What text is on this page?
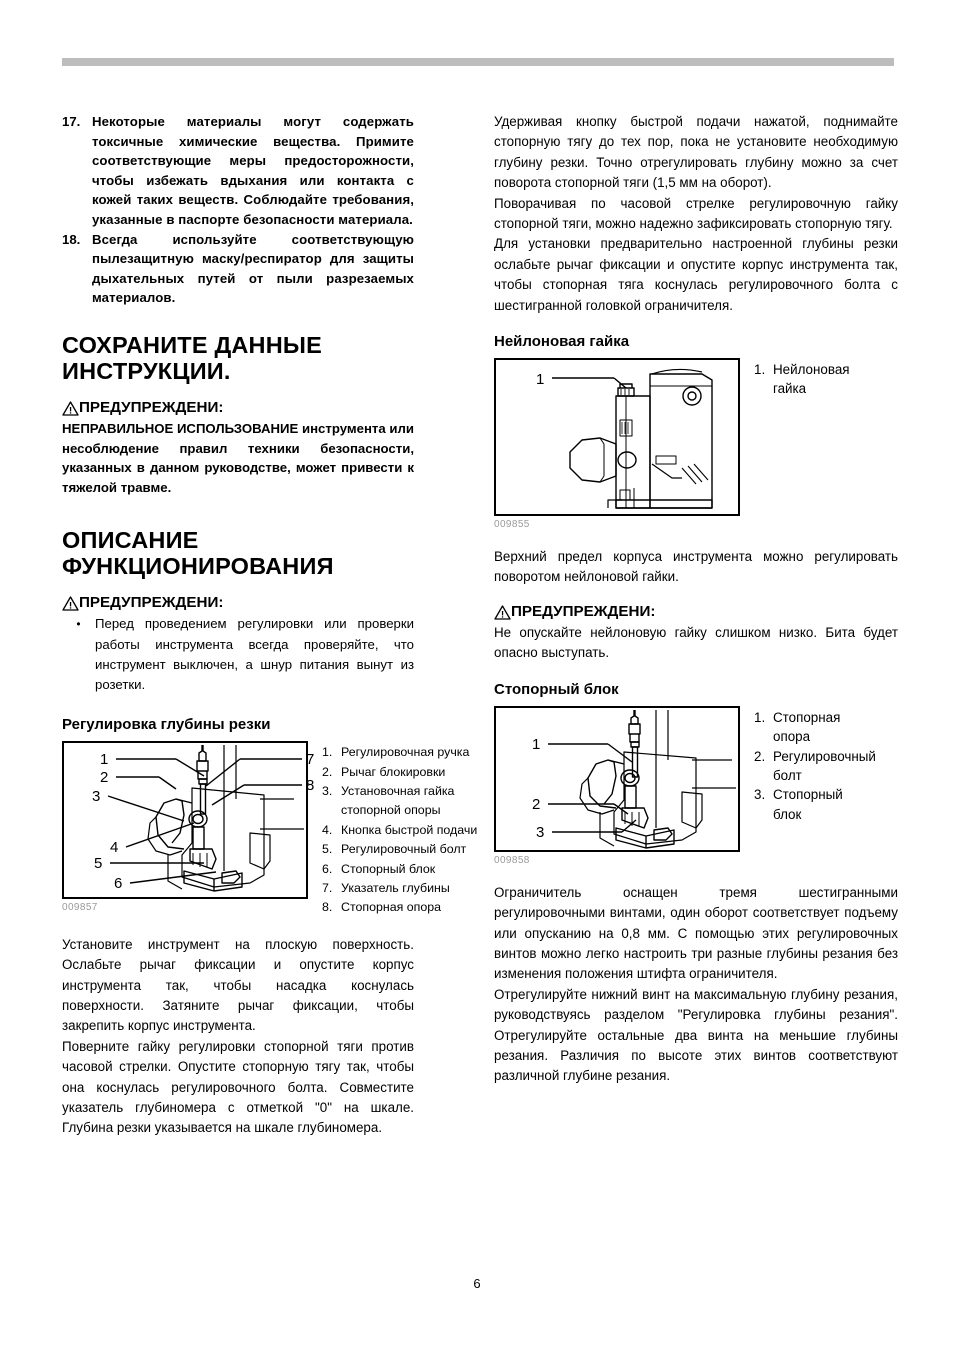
17. Некоторые материалы могут содержать токсичные химические вещества. Примите соответствующие меры предосторожности, чтобы избежать вдыхания или контакта с кожей таких веществ. Соблюдайте требования, указанные в паспорте безопасности материала.
18. Всегда используйте соответствующую пылезащитную маску/респиратор для защиты дыхательных путей от пыли разрезаемых материалов.
СОХРАНИТЕ ДАННЫЕ ИНСТРУКЦИИ.
ПРЕДУПРЕЖДЕНИ:

НЕПРАВИЛЬНОЕ ИСПОЛЬЗОВАНИЕ инструмента или несоблюдение правил техники безопасности, указанных в данном руководстве, может привести к тяжелой травме.

ОПИСАНИЕ ФУНКЦИОНИРОВАНИЯ
ПРЕДУПРЕЖДЕНИ:
•	Перед проведением регулировки или проверки работы инструмента всегда проверяйте, что инструмент выключен, а шнур питания вынут из розетки.
Регулировка глубины резки
1
2
3
4
5
6
7
8
009857
1. Регулировочная ручка
2. Рычаг блокировки
3. Установочная гайка
стопорной опоры
4. Кнопка быстрой подачи
5. Регулировочный болт
6. Стопорный блок
7. Указатель глубины
8. Стопорная опора

Установите инструмент на плоскую поверхность. Ослабьте рычаг фиксации и опустите корпус инструмента так, чтобы насадка коснулась поверхности. Затяните рычаг фиксации, чтобы закрепить корпус инструмента.

Поверните гайку регулировки стопорной тяги против часовой стрелки. Опустите стопорную тягу так, чтобы она коснулась регулировочного болта. Совместите указатель глубиномера с отметкой "0" на шкале. Глубина резки указывается на шкале глубиномера.

Удерживая кнопку быстрой подачи нажатой, поднимайте стопорную тягу до тех пор, пока не установите необходимую глубину резки. Точно отрегулировать глубину можно за счет поворота стопорной тяги (1,5 мм на оборот).

Поворачивая по часовой стрелке регулировочную гайку стопорной тяги, можно надежно зафиксировать стопорную тягу.

Для установки предварительно настроенной глубины резки ослабьте рычаг фиксации и опустите корпус инструмента так, чтобы стопорная тяга коснулась регулировочного болта с шестигранной головкой ограничителя.

Нейлоновая гайка
1
009855
1. Нейлоновая
гайка

Верхний предел корпуса инструмента можно регулировать поворотом нейлоновой гайки.

ПРЕДУПРЕЖДЕНИ:

Не опускайте нейлоновую гайку слишком низко. Бита будет опасно выступать.

Стопорный блок
1
2
3
009858
1. Стопорная
опора
2. Регулировочный
болт
3. Стопорный
блок

Ограничитель оснащен тремя шестигранными регулировочными винтами, один оборот соответствует подъему или опусканию на 0,8 мм. С помощью этих регулировочных винтов можно легко настроить три разные глубины резания без изменения положения штифта ограничителя.

Отрегулируйте нижний винт на максимальную глубину резания, руководствуясь разделом "Регулировка глубины резания". Отрегулируйте остальные два винта на меньшие глубины резания. Различия по высоте этих винтов соответствуют различной глубине резания.

6
